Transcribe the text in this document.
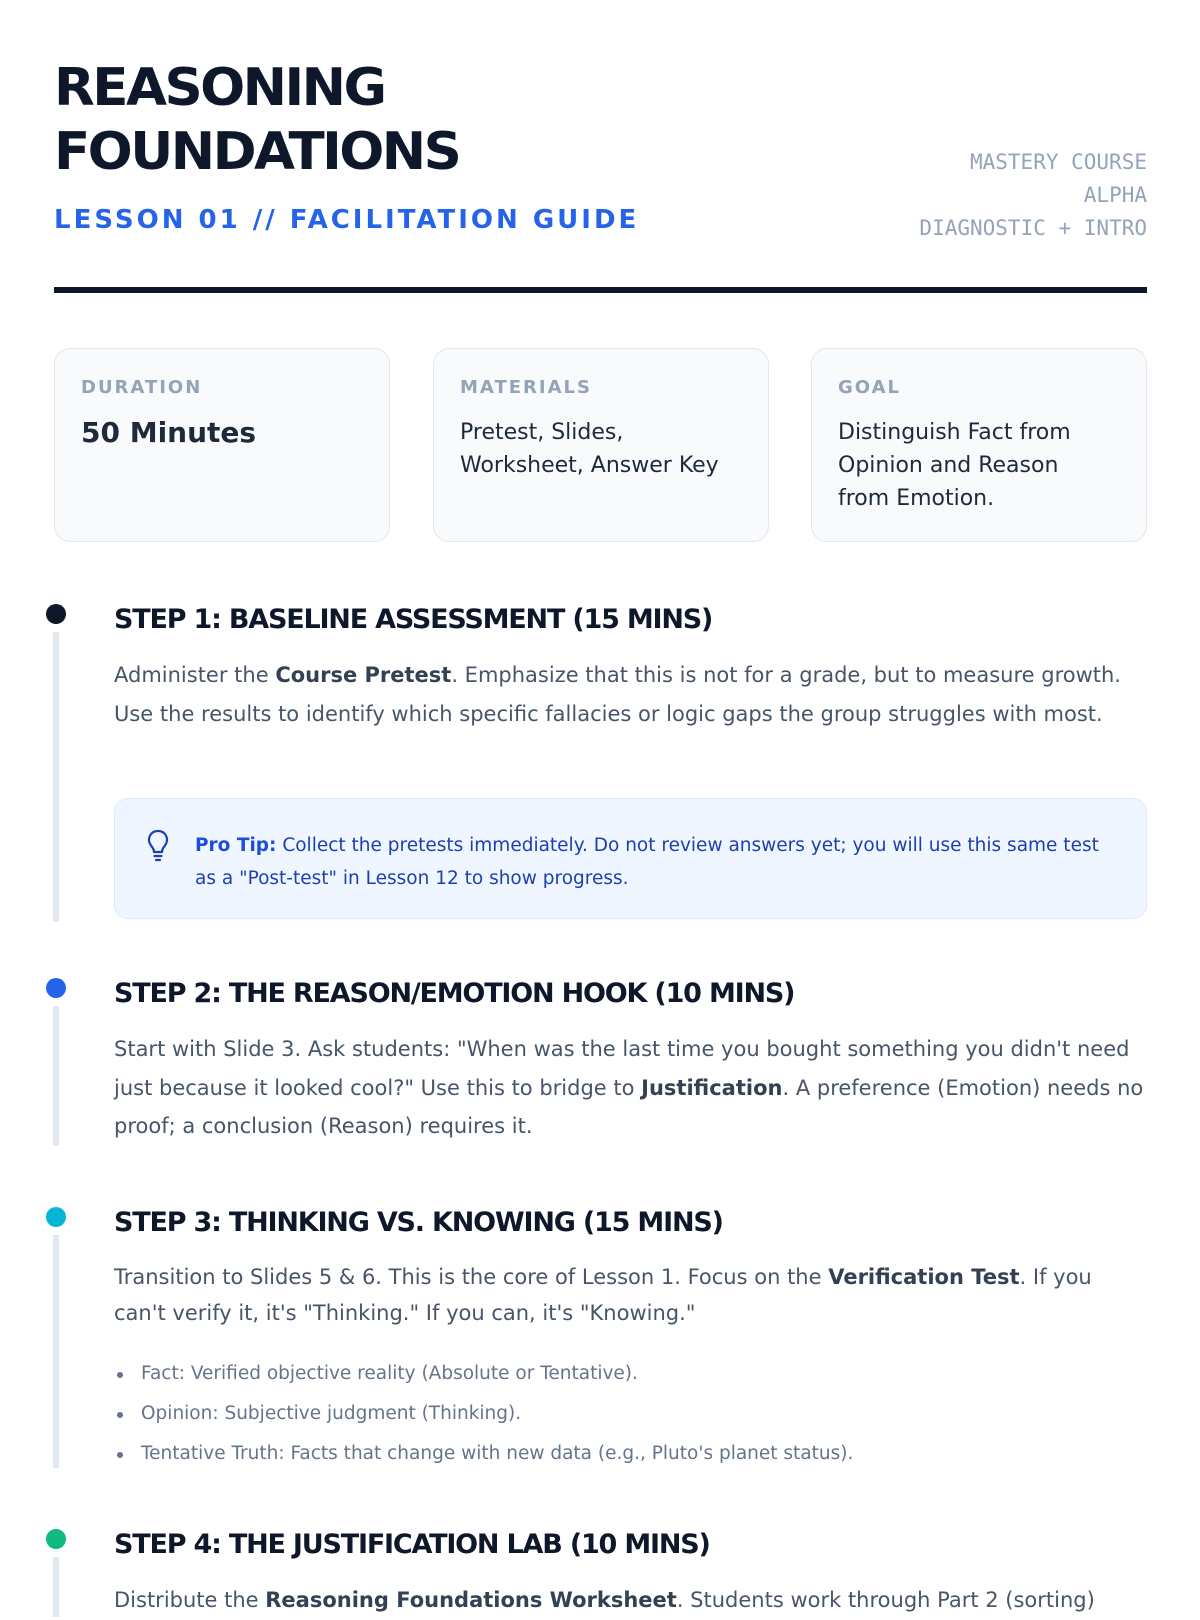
REASONING
FOUNDATIONS
LESSON 01 // FACILITATION GUIDE
MASTERY COURSE
ALPHA
DIAGNOSTIC + INTRO
DURATION
50 Minutes
MATERIALS
Pretest, Slides, Worksheet, Answer Key
GOAL
Distinguish Fact from Opinion and Reason from Emotion.
STEP 1: BASELINE ASSESSMENT (15 MINS)

Administer the Course Pretest. Emphasize that this is not for a grade, but to measure growth. Use the results to identify which specific fallacies or logic gaps the group struggles with most.

Pro Tip: Collect the pretests immediately. Do not review answers yet; you will use this same test as a "Post-test" in Lesson 12 to show progress.
STEP 2: THE REASON/EMOTION HOOK (10 MINS)

Start with Slide 3. Ask students: "When was the last time you bought something you didn't need just because it looked cool?" Use this to bridge to Justification. A preference (Emotion) needs no proof; a conclusion (Reason) requires it.

STEP 3: THINKING VS. KNOWING (15 MINS)

Transition to Slides 5 & 6. This is the core of Lesson 1. Focus on the Verification Test. If you can't verify it, it's "Thinking." If you can, it's "Knowing."

Fact: Verified objective reality (Absolute or Tentative).
Opinion: Subjective judgment (Thinking).
Tentative Truth: Facts that change with new data (e.g., Pluto's planet status).
STEP 4: THE JUSTIFICATION LAB (10 MINS)

Distribute the Reasoning Foundations Worksheet. Students work through Part 2 (sorting)
